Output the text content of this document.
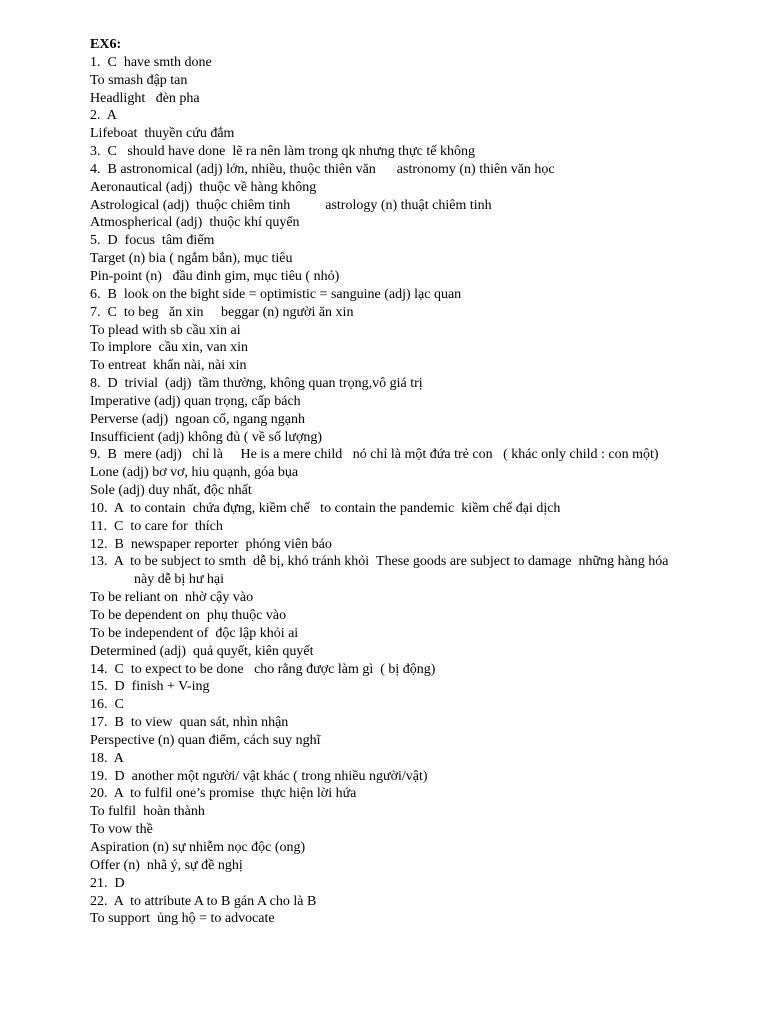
EX6:
1.  C  have smth done
To smash đập tan
Headlight   đèn pha
2.  A
Lifeboat  thuyền cứu đắm
3.  C   should have done  lẽ ra nên làm trong qk nhưng thực tế không
4.  B astronomical (adj) lớn, nhiều, thuộc thiên văn      astronomy (n) thiên văn học
Aeronautical (adj)  thuộc về hàng không
Astrological (adj)  thuộc chiêm tinh          astrology (n) thuật chiêm tinh
Atmospherical (adj)  thuộc khí quyển
5.  D  focus  tâm điểm
Target (n) bia ( ngắm bắn), mục tiêu
Pin-point (n)   đầu đinh gim, mục tiêu ( nhỏ)
6.  B  look on the bight side = optimistic = sanguine (adj) lạc quan
7.  C  to beg   ăn xin     beggar (n) người ăn xin
To plead with sb cầu xin ai
To implore  cầu xin, van xin
To entreat  khẩn nài, nài xin
8.  D  trivial  (adj)  tầm thường, không quan trọng,vô giá trị
Imperative (adj) quan trọng, cấp bách
Perverse (adj)  ngoan cố, ngang ngạnh
Insufficient (adj) không đủ ( về số lượng)
9.  B  mere (adj)   chỉ là     He is a mere child   nó chỉ là một đứa trẻ con   ( khác only child : con một)
Lone (adj) bơ vơ, hiu quạnh, góa bụa
Sole (adj) duy nhất, độc nhất
10.  A  to contain  chứa đựng, kiềm chế   to contain the pandemic  kiềm chế đại dịch
11.  C  to care for  thích
12.  B  newspaper reporter  phóng viên báo
13.  A  to be subject to smth  dễ bị, khó tránh khỏi  These goods are subject to damage  những hàng hóa
này dễ bị hư hại
To be reliant on  nhờ cậy vào
To be dependent on  phụ thuộc vào
To be independent of  độc lập khỏi ai
Determined (adj)  quả quyết, kiên quyết
14.  C  to expect to be done   cho rằng được làm gì  ( bị động)
15.  D  finish + V-ing
16.  C
17.  B  to view  quan sát, nhìn nhận
Perspective (n) quan điểm, cách suy nghĩ
18.  A
19.  D  another một người/ vật khác ( trong nhiều người/vật)
20.  A  to fulfil one’s promise  thực hiện lời hứa
To fulfil  hoàn thành
To vow thề
Aspiration (n) sự nhiễm nọc độc (ong)
Offer (n)  nhã ý, sự đề nghị
21.  D
22.  A  to attribute A to B gán A cho là B
To support  ủng hộ = to advocate
